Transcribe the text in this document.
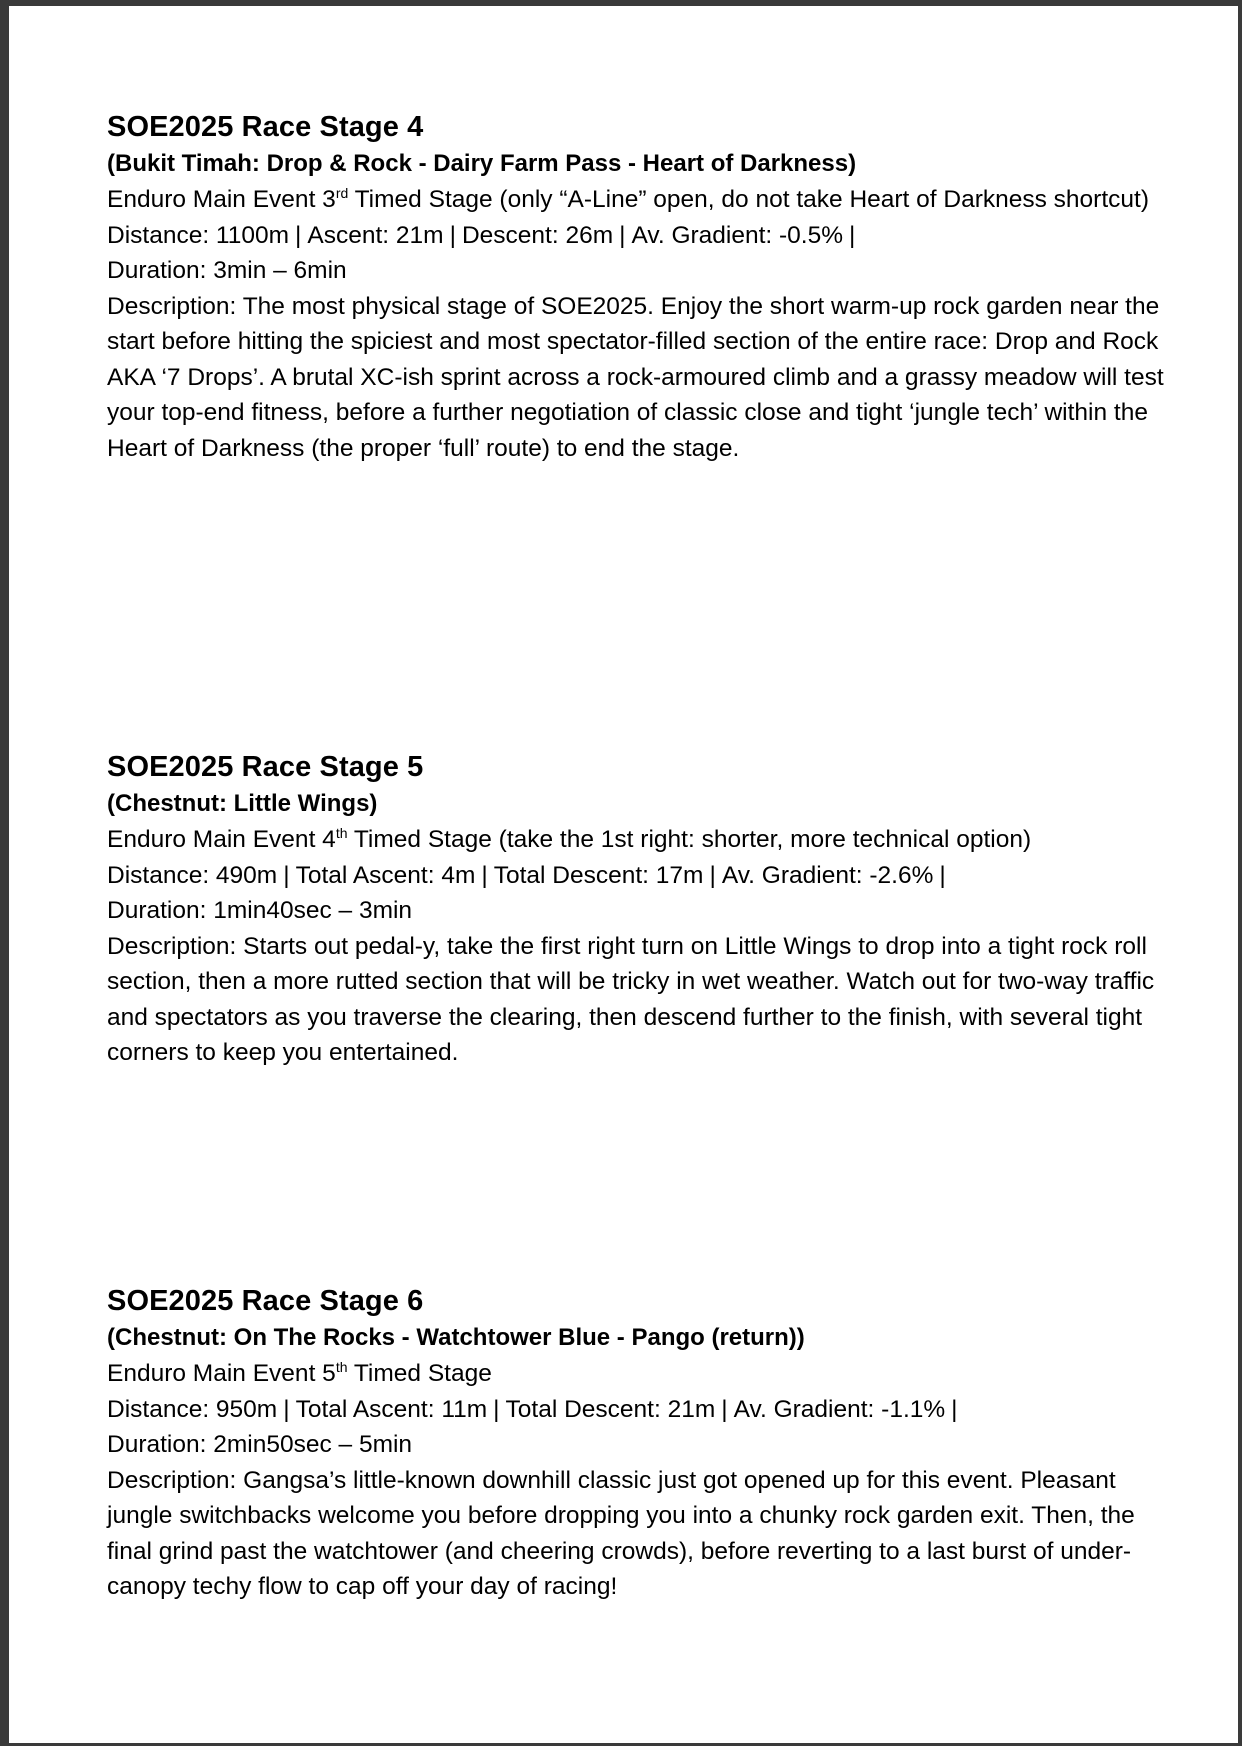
SOE2025 Race Stage 4

(Bukit Timah: Drop & Rock - Dairy Farm Pass - Heart of Darkness)

Enduro Main Event 3rd Timed Stage (only “A-Line” open, do not take Heart of Darkness shortcut)

Distance: 1100m | Ascent: 21m | Descent: 26m | Av. Gradient: -0.5% |

Duration: 3min – 6min

Description: The most physical stage of SOE2025. Enjoy the short warm-up rock garden near the start before hitting the spiciest and most spectator-filled section of the entire race: Drop and Rock AKA ‘7 Drops’. A brutal XC-ish sprint across a rock-armoured climb and a grassy meadow will test your top-end fitness, before a further negotiation of classic close and tight ‘jungle tech’ within the Heart of Darkness (the proper ‘full’ route) to end the stage.

SOE2025 Race Stage 5

(Chestnut: Little Wings)

Enduro Main Event 4th Timed Stage (take the 1st right: shorter, more technical option)

Distance: 490m | Total Ascent: 4m | Total Descent: 17m | Av. Gradient: -2.6% |

Duration: 1min40sec – 3min

Description: Starts out pedal-y, take the first right turn on Little Wings to drop into a tight rock roll section, then a more rutted section that will be tricky in wet weather. Watch out for two-way traffic and spectators as you traverse the clearing, then descend further to the finish, with several tight corners to keep you entertained.

SOE2025 Race Stage 6

(Chestnut: On The Rocks - Watchtower Blue - Pango (return))

Enduro Main Event 5th Timed Stage

Distance: 950m | Total Ascent: 11m | Total Descent: 21m | Av. Gradient: -1.1% |

Duration: 2min50sec – 5min

Description: Gangsa’s little-known downhill classic just got opened up for this event. Pleasant jungle switchbacks welcome you before dropping you into a chunky rock garden exit. Then, the final grind past the watchtower (and cheering crowds), before reverting to a last burst of under-canopy techy flow to cap off your day of racing!
